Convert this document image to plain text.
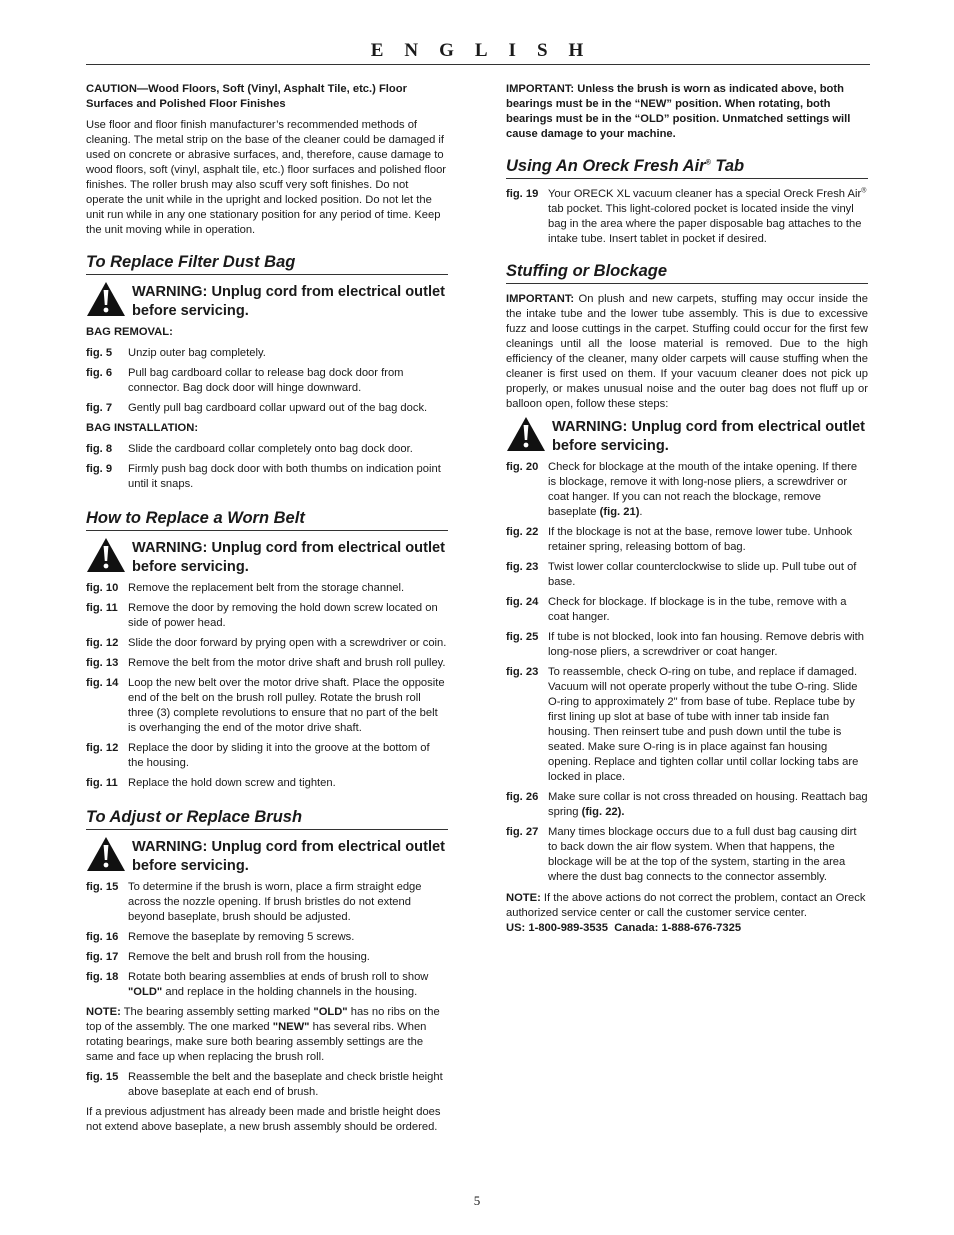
ENGLISH

CAUTION—Wood Floors, Soft (Vinyl, Asphalt Tile, etc.) Floor Surfaces and Polished Floor Finishes

Use floor and floor finish manufacturer’s recommended methods of cleaning. The metal strip on the base of the cleaner could be damaged if used on concrete or abrasive surfaces, and, therefore, cause damage to wood floors, soft (vinyl, asphalt tile, etc.) floor surfaces and polished floor finishes. The roller brush may also scuff very soft finishes. Do not operate the unit while in the upright and locked position. Do not let the unit run while in any one stationary position for any period of time. Keep the unit moving while in operation.

To Replace Filter Dust Bag
WARNING: Unplug cord from electrical outlet before servicing.
BAG REMOVAL:
fig. 5	Unzip outer bag completely.
fig. 6	Pull bag cardboard collar to release bag dock door from connector. Bag dock door will hinge downward.
fig. 7	Gently pull bag cardboard collar upward out of the bag dock.
BAG INSTALLATION:
fig. 8	Slide the cardboard collar completely onto bag dock door.
fig. 9	Firmly push bag dock door with both thumbs on indication point until it snaps.
How to Replace a Worn Belt
WARNING: Unplug cord from electrical outlet before servicing.
fig. 10 Remove the replacement belt from the storage channel.
fig. 11 Remove the door by removing the hold down screw located on side of power head.
fig. 12 Slide the door forward by prying open with a screwdriver or coin.
fig. 13 Remove the belt from the motor drive shaft and brush roll pulley.
fig. 14 Loop the new belt over the motor drive shaft. Place the opposite end of the belt on the brush roll pulley. Rotate the brush roll three (3) complete revolutions to ensure that no part of the belt is overhanging the end of the motor drive shaft.
fig. 12 Replace the door by sliding it into the groove at the bottom of the housing.
fig. 11 Replace the hold down screw and tighten.
To Adjust or Replace Brush
WARNING: Unplug cord from electrical outlet before servicing.
fig. 15 To determine if the brush is worn, place a firm straight edge across the nozzle opening. If brush bristles do not extend beyond baseplate, brush should be adjusted.
fig. 16 Remove the baseplate by removing 5 screws.
fig. 17 Remove the belt and brush roll from the housing.
fig. 18 Rotate both bearing assemblies at ends of brush roll to show "OLD" and replace in the holding channels in the housing.

NOTE: The bearing assembly setting marked "OLD" has no ribs on the top of the assembly. The one marked "NEW" has several ribs. When rotating bearings, make sure both bearing assembly settings are the same and face up when replacing the brush roll.

fig. 15 Reassemble the belt and the baseplate and check bristle height above baseplate at each end of brush.

If a previous adjustment has already been made and bristle height does not extend above baseplate, a new brush assembly should be ordered.

IMPORTANT: Unless the brush is worn as indicated above, both bearings must be in the “NEW” position. When rotating, both bearings must be in the “OLD” position. Unmatched settings will cause damage to your machine.

Using An Oreck Fresh Air® Tab
fig. 19 Your ORECK XL vacuum cleaner has a special Oreck Fresh Air® tab pocket. This light-colored pocket is located inside the vinyl bag in the area where the paper disposable bag attaches to the intake tube. Insert tablet in pocket if desired.
Stuffing or Blockage

IMPORTANT: On plush and new carpets, stuffing may occur inside the the intake tube and the lower tube assembly. This is due to excessive fuzz and loose cuttings in the carpet. Stuffing could occur for the first few cleanings until all the loose material is removed. Due to the high efficiency of the cleaner, many older carpets will cause stuffing when the cleaner is first used on them. If your vacuum cleaner does not pick up properly, or makes unusual noise and the outer bag does not fluff up or balloon open, follow these steps:

WARNING: Unplug cord from electrical outlet before servicing.
fig. 20 Check for blockage at the mouth of the intake opening. If there is blockage, remove it with long-nose pliers, a screwdriver or coat hanger. If you can not reach the blockage, remove baseplate (fig. 21).
fig. 22 If the blockage is not at the base, remove lower tube. Unhook retainer spring, releasing bottom of bag.
fig. 23 Twist lower collar counterclockwise to slide up. Pull tube out of base.
fig. 24 Check for blockage. If blockage is in the tube, remove with a coat hanger.
fig. 25 If tube is not blocked, look into fan housing. Remove debris with long-nose pliers, a screwdriver or coat hanger.
fig. 23 To reassemble, check O-ring on tube, and replace if damaged. Vacuum will not operate properly without the tube O-ring. Slide O-ring to approximately 2" from base of tube. Replace tube by first lining up slot at base of tube with inner tab inside fan housing. Then reinsert tube and push down until the tube is seated. Make sure O-ring is in place against fan housing opening. Replace and tighten collar until collar locking tabs are locked in place.
fig. 26 Make sure collar is not cross threaded on housing. Reattach bag spring (fig. 22).
fig. 27 Many times blockage occurs due to a full dust bag causing dirt to back down the air flow system. When that happens, the blockage will be at the top of the system, starting in the area where the dust bag connects to the connector assembly.

NOTE: If the above actions do not correct the problem, contact an Oreck authorized service center or call the customer service center.
US: 1-800-989-3535  Canada: 1-888-676-7325

5
